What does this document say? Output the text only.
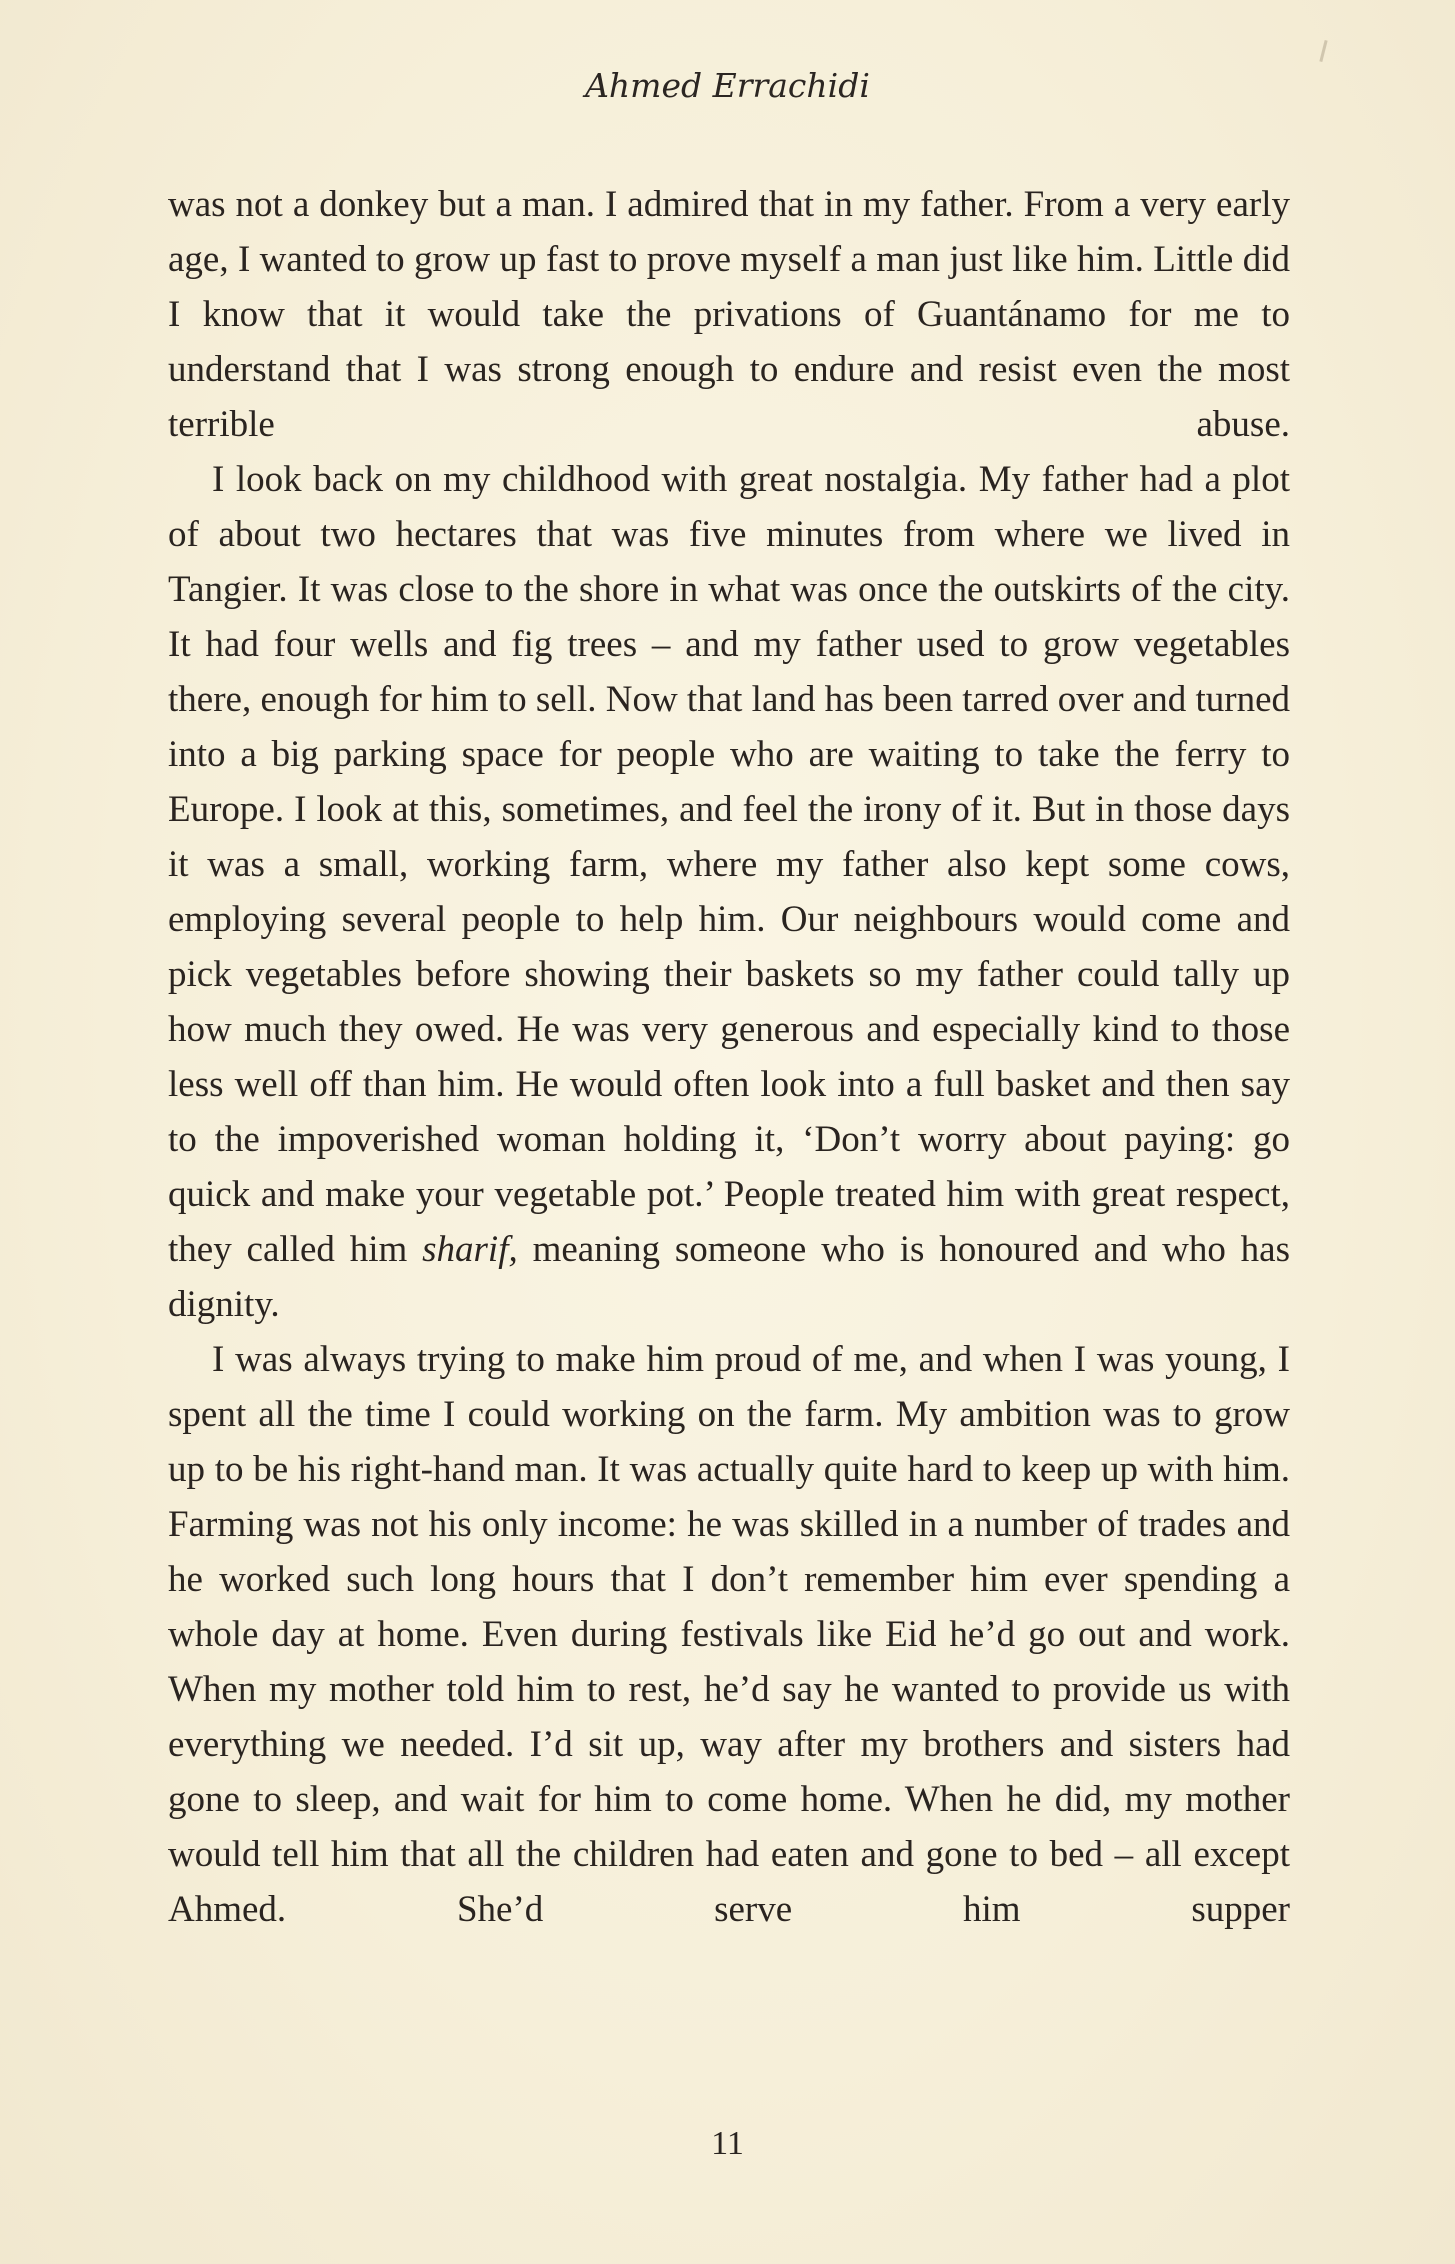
Ahmed Errachidi

was not a donkey but a man. I admired that in my father. From a very early age, I wanted to grow up fast to prove myself a man just like him. Little did I know that it would take the privations of Guantánamo for me to understand that I was strong enough to endure and resist even the most terrible abuse.

I look back on my childhood with great nostalgia. My father had a plot of about two hectares that was five minutes from where we lived in Tangier. It was close to the shore in what was once the outskirts of the city. It had four wells and fig trees – and my father used to grow vegetables there, enough for him to sell. Now that land has been tarred over and turned into a big parking space for people who are waiting to take the ferry to Europe. I look at this, sometimes, and feel the irony of it. But in those days it was a small, working farm, where my father also kept some cows, employing several people to help him. Our neighbours would come and pick vegetables before showing their baskets so my father could tally up how much they owed. He was very generous and especially kind to those less well off than him. He would often look into a full basket and then say to the impoverished woman holding it, ‘Don’t worry about paying: go quick and make your vegetable pot.’ People treated him with great respect, they called him sharif, meaning someone who is honoured and who has dignity.

I was always trying to make him proud of me, and when I was young, I spent all the time I could working on the farm. My ambition was to grow up to be his right-hand man. It was actually quite hard to keep up with him. Farming was not his only income: he was skilled in a number of trades and he worked such long hours that I don’t remember him ever spending a whole day at home. Even during festivals like Eid he’d go out and work. When my mother told him to rest, he’d say he wanted to provide us with everything we needed. I’d sit up, way after my brothers and sisters had gone to sleep, and wait for him to come home. When he did, my mother would tell him that all the children had eaten and gone to bed – all except Ahmed. She’d serve him supper

11
